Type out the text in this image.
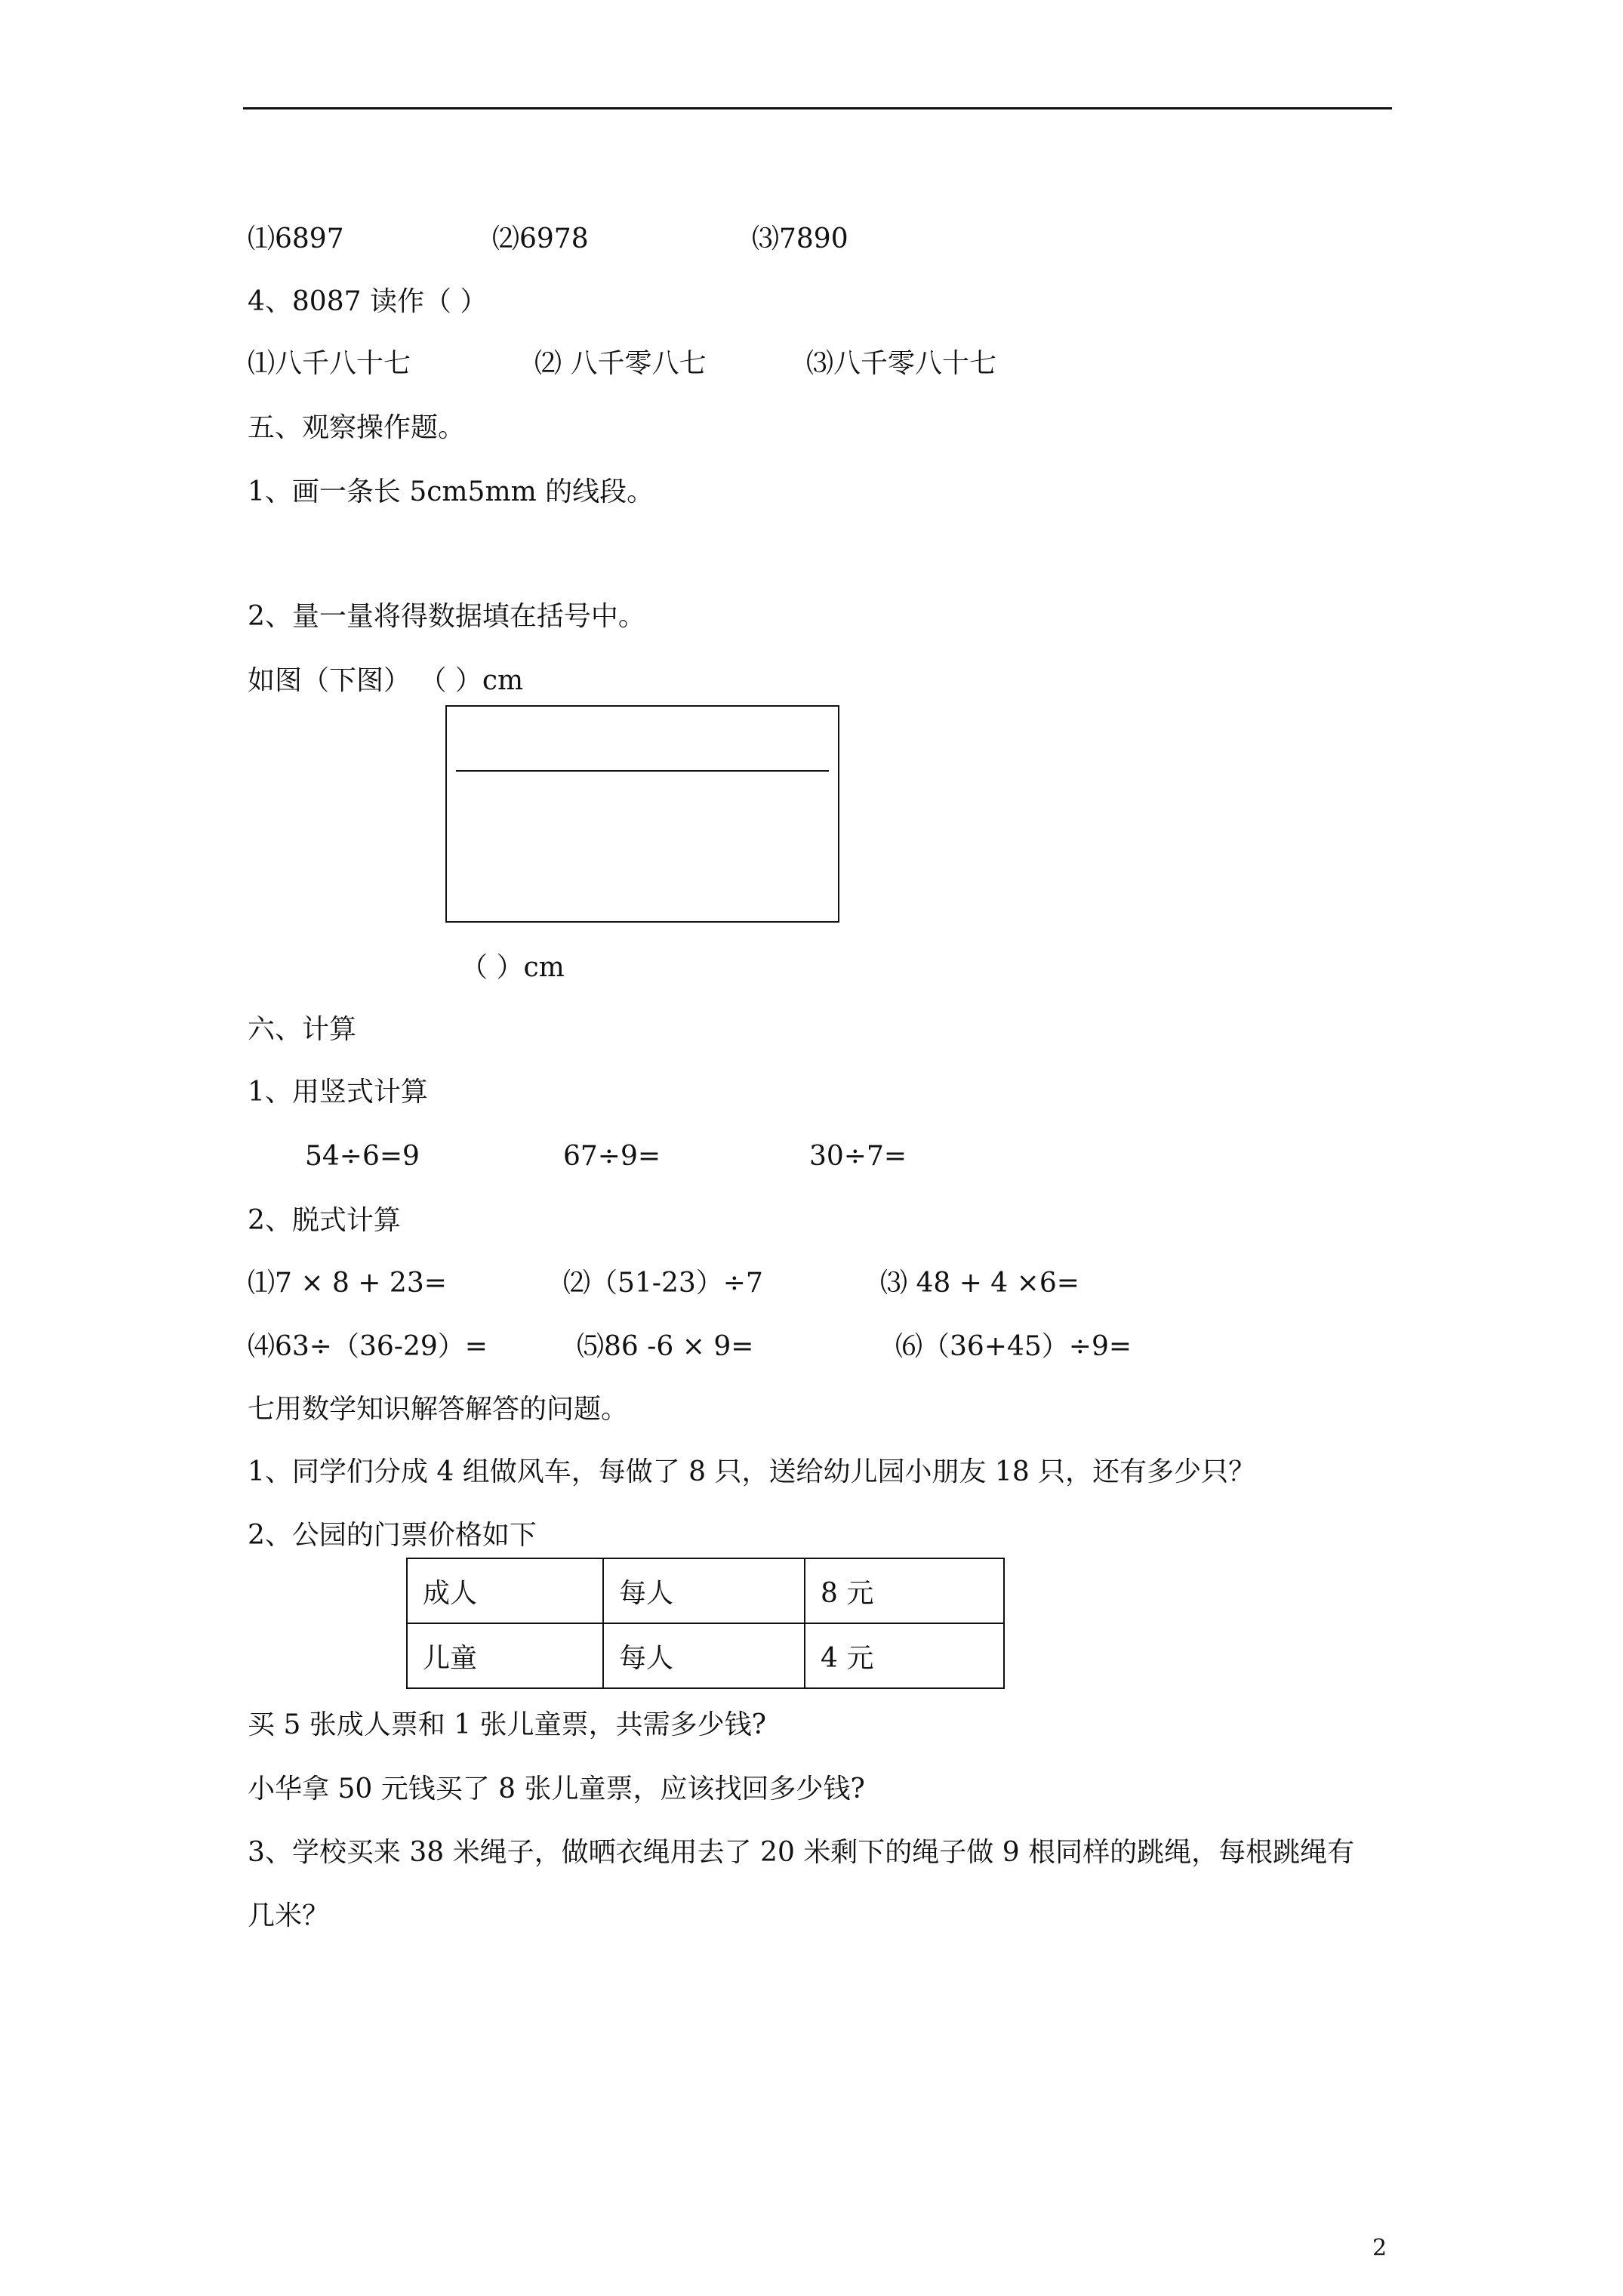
⑴6897	⑵6978	⑶7890
4、8087 读作（ ）
⑴八千八十七	⑵ 八千零八七	⑶八千零八十七
五、观察操作题。
1、画一条长 5cm5mm 的线段。
2、量一量将得数据填在括号中。
如图（下图） （ ）cm
（ ）cm
六、计算
1、用竖式计算
54÷6=9	67÷9=	30÷7=
2、脱式计算
⑴7 × 8 + 23=	⑵（51-23）÷7	⑶ 48 + 4 ×6=
⑷63÷（36-29）=	⑸86 -6 × 9=	⑹（36+45）÷9=
七用数学知识解答解答的问题。
1、同学们分成 4 组做风车，每做了 8 只，送给幼儿园小朋友 18 只，还有多少只？
2、公园的门票价格如下
成人	每人	8 元
儿童	每人	4 元
买 5 张成人票和 1 张儿童票，共需多少钱?
小华拿 50 元钱买了 8 张儿童票，应该找回多少钱?
3、学校买来 38 米绳子，做晒衣绳用去了 20 米剩下的绳子做 9 根同样的跳绳，每根跳绳有
几米？
2
